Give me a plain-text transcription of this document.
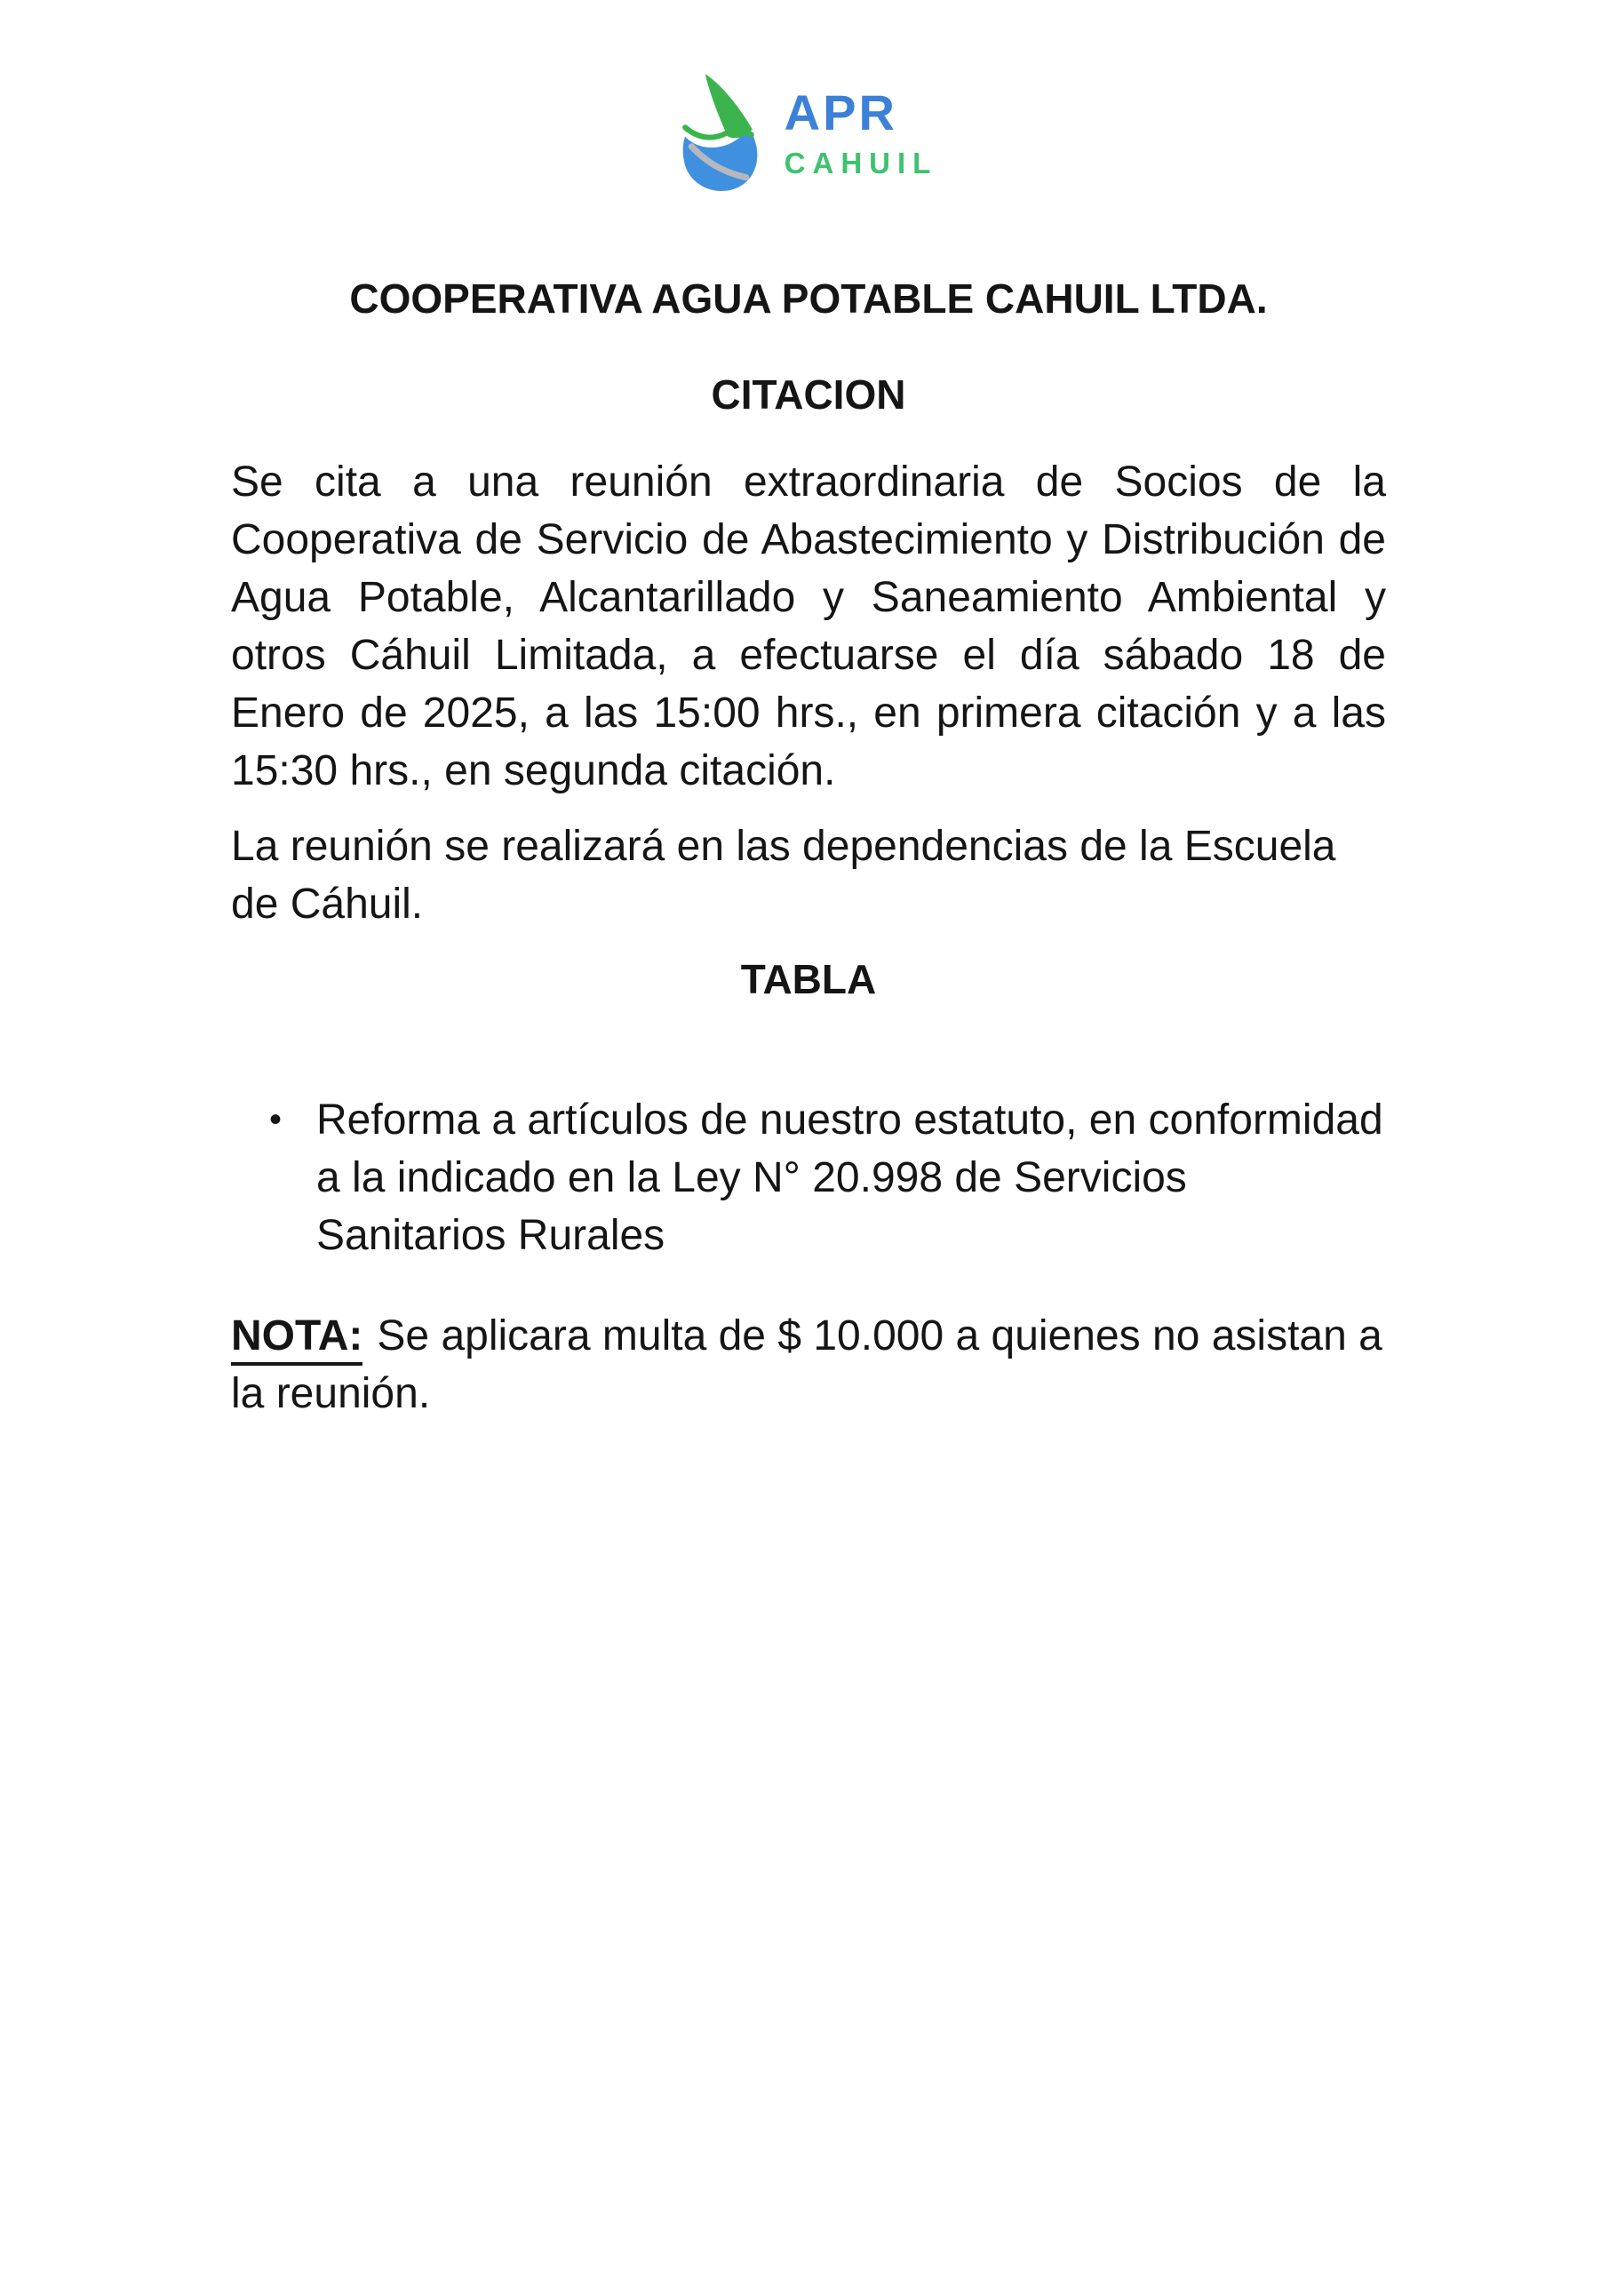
APR
CAHUIL
COOPERATIVA AGUA POTABLE CAHUIL LTDA.
CITACION

Se cita a una reunión extraordinaria de Socios de la Cooperativa de Servicio de Abastecimiento y Distribución de Agua Potable, Alcantarillado y Saneamiento Ambiental y otros Cáhuil Limitada, a efectuarse el día sábado 18 de Enero de 2025, a las 15:00 hrs., en primera citación y a las 15:30 hrs., en segunda citación.

La reunión se realizará en las dependencias de la Escuela de Cáhuil.

TABLA
• Reforma a artículos de nuestro estatuto, en conformidad a la indicado en la Ley N° 20.998 de Servicios Sanitarios Rurales

NOTA: Se aplicara multa de $ 10.000 a quienes no asistan a la reunión.
